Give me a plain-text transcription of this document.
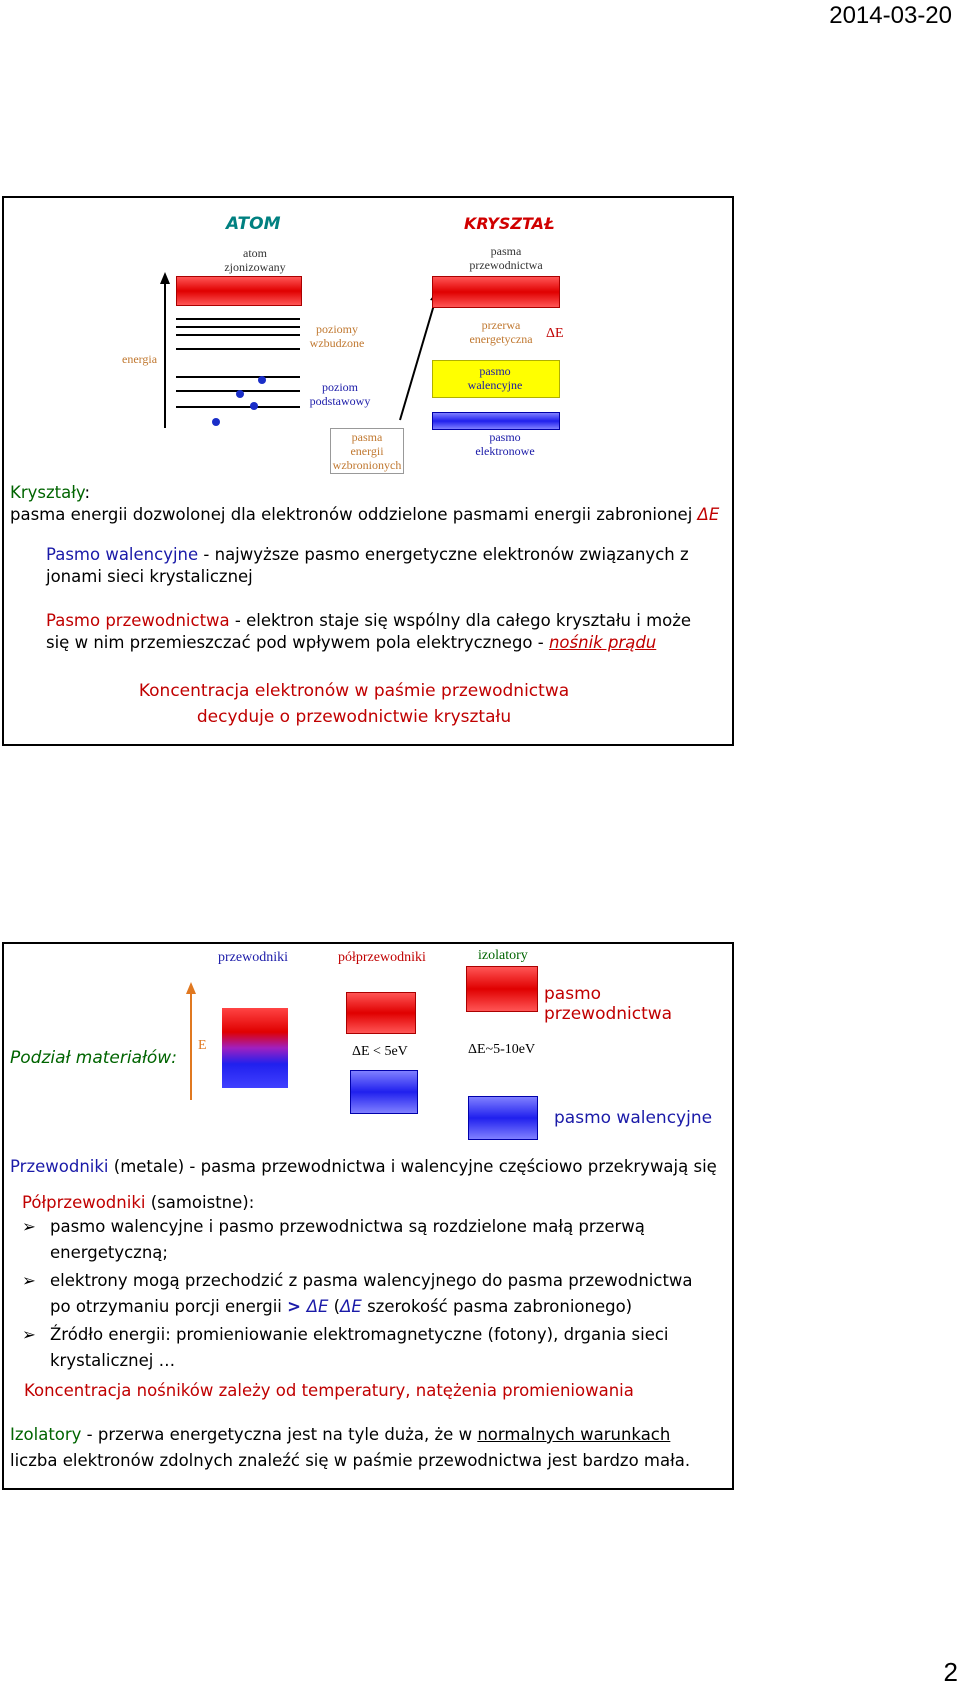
2014-03-20
ATOM	KRYSZTAŁ
atom
zjonizowany
pasma
przewodnictwa
energia
poziomy
wzbudzone
poziom
podstawowy
pasma
energii
wzbronionych
przerwa
energetyczna ΔE
pasmo
walencyjne
pasmo
elektronowe
Kryształy:
pasma energii dozwolonej dla elektronów oddzielone pasmami energii zabronionej ΔE
Pasmo walencyjne - najwyższe pasmo energetyczne elektronów związanych z
jonami sieci krystalicznej
Pasmo przewodnictwa - elektron staje się wspólny dla całego kryształu i może
się w nim przemieszczać pod wpływem pola elektrycznego - nośnik prądu
Koncentracja elektronów w paśmie przewodnictwa
decyduje o przewodnictwie kryształu
przewodniki	półprzewodniki	izolatory
pasmo przewodnictwa
E	ΔE < 5eV	ΔE~5-10eV
pasmo walencyjne
Podział materiałów:
Przewodniki (metale) - pasma przewodnictwa i walencyjne częściowo przekrywają się
Półprzewodniki (samoistne):
➢ pasmo walencyjne i pasmo przewodnictwa są rozdzielone małą przerwą
energetyczną;
➢ elektrony mogą przechodzić z pasma walencyjnego do pasma przewodnictwa
po otrzymaniu porcji energii > ΔE (ΔE szerokość pasma zabronionego)
➢ Źródło energii: promieniowanie elektromagnetyczne (fotony), drgania sieci
krystalicznej …
Koncentracja nośników zależy od temperatury, natężenia promieniowania
Izolatory - przerwa energetyczna jest na tyle duża, że w normalnych warunkach
liczba elektronów zdolnych znaleźć się w paśmie przewodnictwa jest bardzo mała.
2
